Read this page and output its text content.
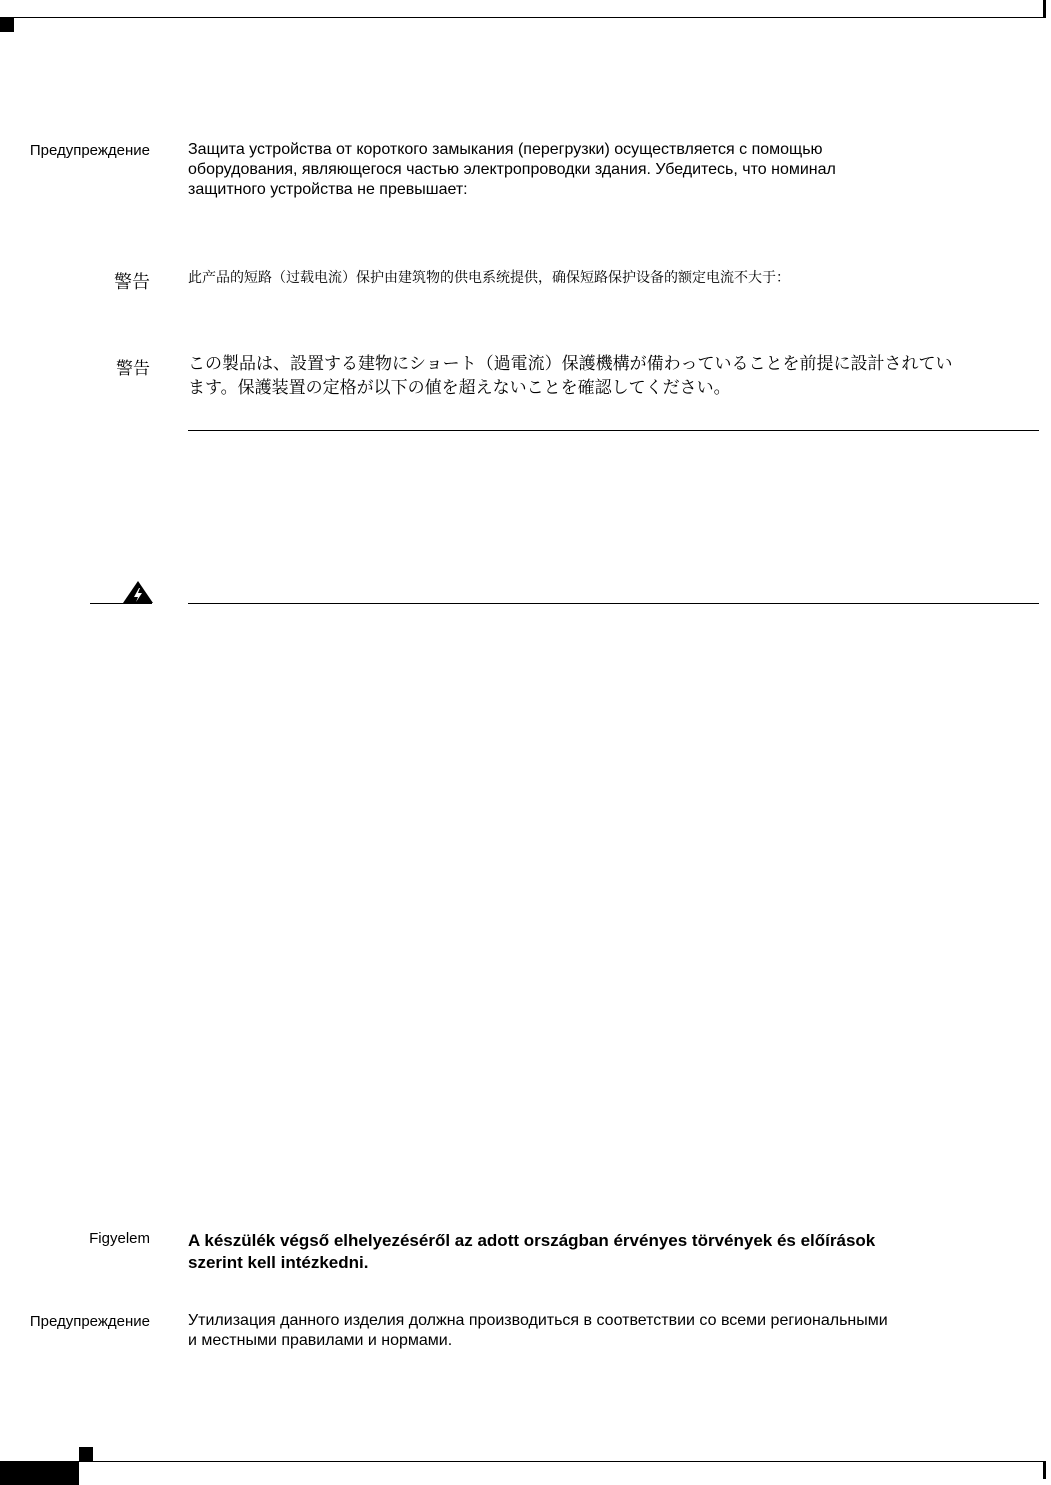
Предупреждение Защита устройства от короткого замыкания (перегрузки) осуществляется с помощью
оборудования, являющегося частью электропроводки здания. Убедитесь, что номинал
защитного устройства не превышает:
警告	此产品的短路（过载电流）保护由建筑物的供电系统提供，确保短路保护设备的额定电流不大于：
警告 この製品は、設置する建物にショート（過電流）保護機構が備わっていることを前提に設計されてい
ます。保護装置の定格が以下の値を超えないことを確認してください。
Figyelem A készülék végső elhelyezéséről az adott országban érvényes törvények és előírások
szerint kell intézkedni.
Предупреждение Утилизация данного изделия должна производиться в соответствии со всеми региональными
и местными правилами и нормами.
